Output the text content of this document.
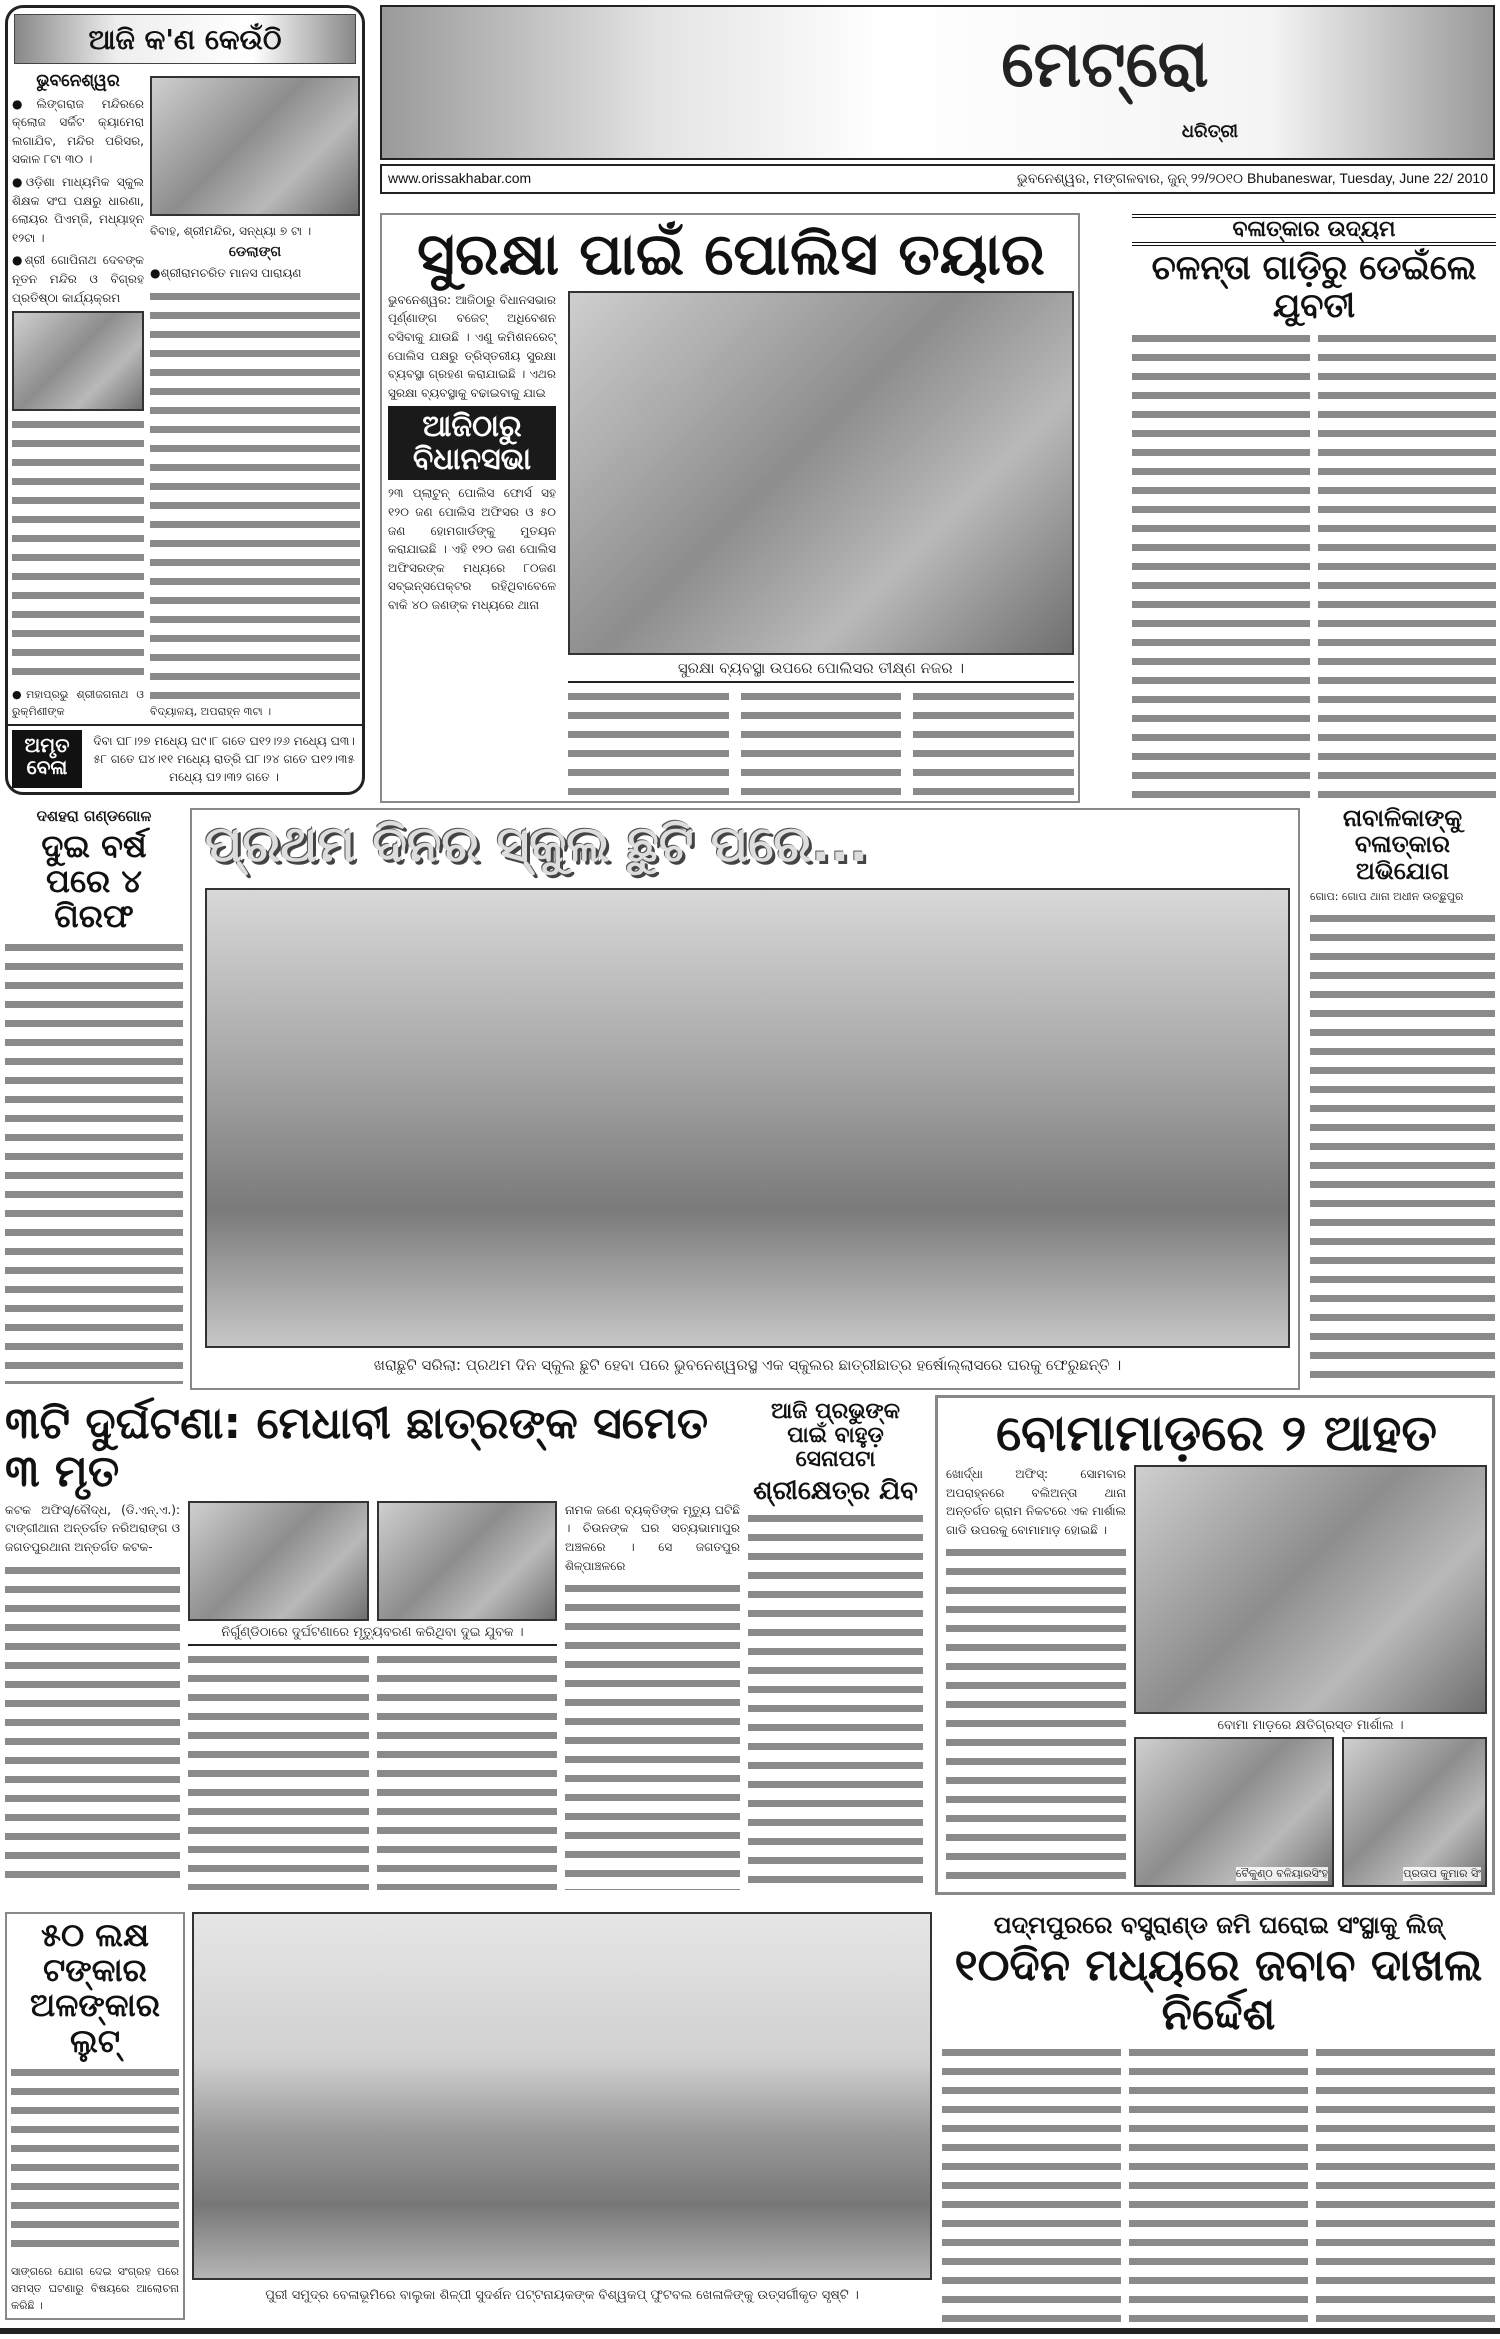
ଆଜି କ'ଣ କେଉଁଠି
ଭୁବନେଶ୍ୱର
●ଲିଙ୍ଗରାଜ ମନ୍ଦିରରେ କ୍ଲୋଜ ସର୍କିଟ କ୍ୟାମେରା ଲଗାଯିବ, ମନ୍ଦିର ପରିସର, ସକାଳ ୮ଟା ୩୦ ।
●ଓଡ଼ିଶା ମାଧ୍ୟମିକ ସ୍କୁଲ ଶିକ୍ଷକ ସଂଘ ପକ୍ଷରୁ ଧାରଣା, ଲୋୟର ପିଏମ୍‌ଜି, ମଧ୍ୟାହ୍ନ ୧୨ଟା ।
●ଶ୍ରୀ ଗୋପିନାଥ ଦେବଙ୍କ ନୂତନ ମନ୍ଦିର ଓ ବିଗ୍ରହ ପ୍ରତିଷ୍ଠା କାର୍ଯ୍ୟକ୍ରମ
●ମହାପ୍ରଭୁ ଶ୍ରୀଜଗନାଥ ଓ ରୁକ୍ମିଣୀଙ୍କ
ବିବାହ, ଶ୍ରୀମନ୍ଦିର, ସନ୍ଧ୍ୟା ୭ ଟା ।
ଡେଲାଙ୍ଗ
●ଶ୍ରୀରାମଚରିତ ମାନସ ପାରାୟଣ
ବିଦ୍ୟାଳୟ, ଅପରାହ୍ନ ୩ଟା ।
ଅମୃତ ବେଳା
ଦିବା ଘ୮।୨୭ ମଧ୍ୟେ ଘ୯।୮ ଗତେ ଘ୧୨।୨୬ ମଧ୍ୟେ ଘ୩।୫୮ ଗତେ ଘ୪।୧୧ ମଧ୍ୟେ ରାତ୍ରି ଘ୮।୨୪ ଗତେ ଘ୧୨।୩୫ ମଧ୍ୟେ ଘ୨।୩୨ ଗତେ ।
ମେଟ୍ରୋ
ଧରିତ୍ରୀ
www.orissakhabar.com	ଭୁବନେଶ୍ୱର, ମଙ୍ଗଳବାର, ଜୁନ୍ ୨୨/୨୦୧୦ Bhubaneswar, Tuesday, June 22/ 2010
ସୁରକ୍ଷା ପାଇଁ ପୋଲିସ ତୟାର
ଭୁବନେଶ୍ୱର: ଆଜିଠାରୁ ବିଧାନସଭାର ପୂର୍ଣ୍ଣାଙ୍ଗ ବଜେଟ୍ ଅଧିବେଶନ ବସିବାକୁ ଯାଉଛି । ଏଣୁ କମିଶନରେଟ୍ ପୋଲିସ ପକ୍ଷରୁ ତ୍ରିସ୍ତରୀୟ ସୁରକ୍ଷା ବ୍ୟବସ୍ଥା ଗ୍ରହଣ କରାଯାଇଛି । ଏଥର ସୁରକ୍ଷା ବ୍ୟବସ୍ଥାକୁ ବଢାଇବାକୁ ଯାଇ
ଆଜିଠାରୁ ବିଧାନସଭା
୨୩ ପ୍ଲାଟୁନ୍ ପୋଲିସ ଫୋର୍ସ ସହ ୧୨୦ ଜଣ ପୋଲିସ ଅଫିସର ଓ ୫୦ ଜଣ ହୋମଗାର୍ଡଙ୍କୁ ମୁତୟନ କରାଯାଇଛି । ଏହି ୧୨୦ ଜଣ ପୋଲିସ ଅଫିସରଙ୍କ ମଧ୍ୟରେ ୮୦ଜଣ ସବ୍‌ଇନ୍ସପେକ୍ଟର ରହିଥିବାବେଳେ ବାକି ୪୦ ଜଣଙ୍କ ମଧ୍ୟରେ ଥାନା
ସୁରକ୍ଷା ବ୍ୟବସ୍ଥା ଉପରେ ପୋଲିସର ତୀକ୍ଷ୍ଣ ନଜର ।
ବଳାତ୍କାର ଉଦ୍ୟମ
ଚଳନ୍ତା ଗାଡ଼ିରୁ ଡେଇଁଲେ ଯୁବତୀ
ଦଶହରା ଗଣ୍ଡଗୋଳ
ଦୁଇ ବର୍ଷ ପରେ ୪ ଗିରଫ
ପ୍ରଥମ ଦିନର ସ୍କୁଲ ଛୁଟି ପରେ...
ଖରାଛୁଟି ସରିଲା: ପ୍ରଥମ ଦିନ ସ୍କୁଲ ଛୁଟି ହେବା ପରେ ଭୁବନେଶ୍ୱରସ୍ଥ ଏକ ସ୍କୁଲର ଛାତ୍ରୀଛାତ୍ର ହର୍ଷୋଲ୍ଲାସରେ ଘରକୁ ଫେରୁଛନ୍ତି ।
ନାବାଳିକାଙ୍କୁ ବଳାତ୍କାର ଅଭିଯୋଗ
ଗୋପ: ଗୋପ ଥାନା ଅଧୀନ ଉଚ୍ଛୁପୁର
୩ଟି ଦୁର୍ଘଟଣା: ମେଧାବୀ ଛାତ୍ରଙ୍କ ସମେତ ୩ ମୃତ
କଟକ ଅଫିସ୍/ବୌଦ୍ଧ, (ଡି.ଏନ୍.ଏ.): ଟାଙ୍ଗୀଥାନା ଅନ୍ତର୍ଗତ ନରିଅରାଙ୍ଗ ଓ ଜଗତପୁରଥାନା ଅନ୍ତର୍ଗତ କଟକ-
ନିର୍ଗୁଣ୍ଡିଠାରେ ଦୁର୍ଘଟଣାରେ ମୃତ୍ୟୁବରଣ କରିଥିବା ଦୁଇ ଯୁବକ ।
ନାମକ ଜଣେ ବ୍ୟକ୍ତିଙ୍କ ମୃତ୍ୟୁ ଘଟିଛି । ଚିଉନଙ୍କ ଘର ସତ୍ୟଭାମାପୁର ଅଞ୍ଚଳରେ । ସେ ଜଗତପୁର ଶିଳ୍ପାଞ୍ଚଳରେ
ଆଜି ପ୍ରଭୁଙ୍କ ପାଇଁ ବାହୁଡ଼ ସେନାପଟା
ଶ୍ରୀକ୍ଷେତ୍ର ଯିବ
ବୋମାମାଡ଼ରେ ୨ ଆହତ
ଖୋର୍ଦ୍ଧା ଅଫିସ୍: ସୋମବାର ଅପରାହ୍ନରେ ବଲିଅନ୍ତା ଥାନା ଅନ୍ତର୍ଗତ ଗ୍ରାମ ନିକଟରେ ଏକ ମାର୍ଶାଲ ଗାଡି ଉପରକୁ ବୋମାମାଡ଼ ହୋଇଛି ।
ବୋମା ମାଡ଼ରେ କ୍ଷତିଗ୍ରସ୍ତ ମାର୍ଶାଲ ।
ବୈକୁଣ୍ଠ ବଳିୟାରସିଂହ	ପ୍ରତାପ କୁମାର ସିଂ
୫୦ ଲକ୍ଷ ଟଙ୍କାର ଅଳଙ୍କାର ଲୁଟ୍
ସାଙ୍ଗରେ ଯୋଗ ଦେଇ ସଂଗ୍ରହ ପରେ ସମସ୍ତ ଘଟଣାରୁ ବିଷୟରେ ଆଲୋଚନା କରିଛି ।
ପୁରୀ ସମୁଦ୍ର ବେଳାଭୂମିରେ ବାଲୁକା ଶିଳ୍ପୀ ସୁଦର୍ଶନ ପଟ୍ଟନାୟକଙ୍କ ବିଶ୍ୱକପ୍ ଫୁଟବଲ ଖେଳାଳିଙ୍କୁ ଉତ୍ସର୍ଗୀକୃତ ସୃଷ୍ଟି ।
ପଦ୍ମପୁରରେ ବସ୍ତ୍ରାଣ୍ଡ ଜମି ଘରୋଇ ସଂସ୍ଥାକୁ ଲିଜ୍
୧୦ଦିନ ମଧ୍ୟରେ ଜବାବ ଦାଖଲ ନିର୍ଦ୍ଦେଶ
